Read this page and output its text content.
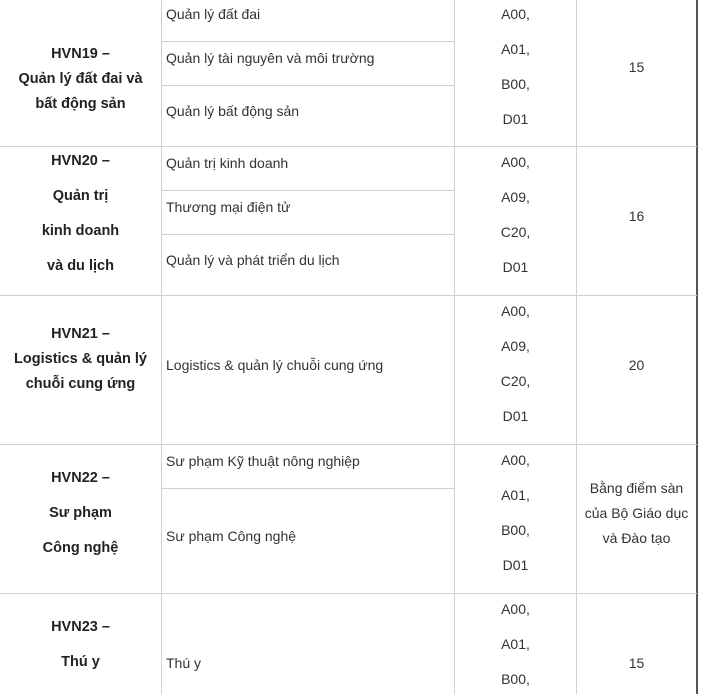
HVN19 –
Quản lý đất đai và
bất động sản
Quản lý đất đai
Quản lý tài nguyên và môi trường
Quản lý bất động sản
A00,
A01,
B00,
D01
15
HVN20 –
Quản trị
kinh doanh
và du lịch
Quản trị kinh doanh
Thương mại điện tử
Quản lý và phát triển du lịch
A00,
A09,
C20,
D01
16
HVN21 –
Logistics & quản lý
chuỗi cung ứng
Logistics & quản lý chuỗi cung ứng
A00,
A09,
C20,
D01
20
HVN22 –
Sư phạm
Công nghệ
Sư phạm Kỹ thuật nông nghiệp
Sư phạm Công nghệ
A00,
A01,
B00,
D01
Bằng điểm sàn
của Bộ Giáo dục
và Đào tạo
HVN23 –
Thú y	Thú y
A00,
A01,
B00,
15
